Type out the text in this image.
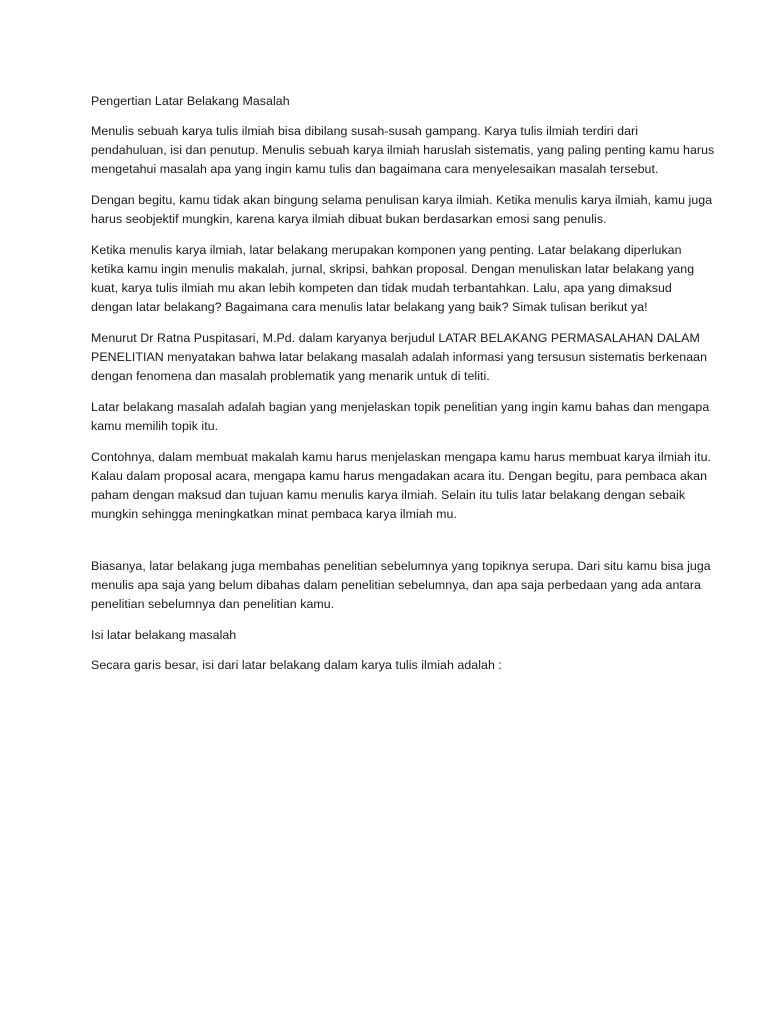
Pengertian Latar Belakang Masalah

Menulis sebuah karya tulis ilmiah bisa dibilang susah-susah gampang. Karya tulis ilmiah terdiri dari pendahuluan, isi dan penutup. Menulis sebuah karya ilmiah haruslah sistematis, yang paling penting kamu harus mengetahui masalah apa yang ingin kamu tulis dan bagaimana cara menyelesaikan masalah tersebut.

Dengan begitu, kamu tidak akan bingung selama penulisan karya ilmiah. Ketika menulis karya ilmiah, kamu juga harus seobjektif mungkin, karena karya ilmiah dibuat bukan berdasarkan emosi sang penulis.

Ketika menulis karya ilmiah, latar belakang merupakan komponen yang penting. Latar belakang diperlukan ketika kamu ingin menulis makalah, jurnal, skripsi, bahkan proposal. Dengan menuliskan latar belakang yang kuat, karya tulis ilmiah mu akan lebih kompeten dan tidak mudah terbantahkan. Lalu, apa yang dimaksud dengan latar belakang? Bagaimana cara menulis latar belakang yang baik? Simak tulisan berikut ya!

Menurut Dr Ratna Puspitasari, M.Pd. dalam karyanya berjudul LATAR BELAKANG PERMASALAHAN DALAM PENELITIAN menyatakan bahwa latar belakang masalah adalah informasi yang tersusun sistematis berkenaan dengan fenomena dan masalah problematik yang menarik untuk di teliti.

Latar belakang masalah adalah bagian yang menjelaskan topik penelitian yang ingin kamu bahas dan mengapa kamu memilih topik itu.

Contohnya, dalam membuat makalah kamu harus menjelaskan mengapa kamu harus membuat karya ilmiah itu. Kalau dalam proposal acara, mengapa kamu harus mengadakan acara itu. Dengan begitu, para pembaca akan paham dengan maksud dan tujuan kamu menulis karya ilmiah. Selain itu tulis latar belakang dengan sebaik mungkin sehingga meningkatkan minat pembaca karya ilmiah mu.

Biasanya, latar belakang juga membahas penelitian sebelumnya yang topiknya serupa. Dari situ kamu bisa juga menulis apa saja yang belum dibahas dalam penelitian sebelumnya, dan apa saja perbedaan yang ada antara penelitian sebelumnya dan penelitian kamu.

Isi latar belakang masalah

Secara garis besar, isi dari latar belakang dalam karya tulis ilmiah adalah :
